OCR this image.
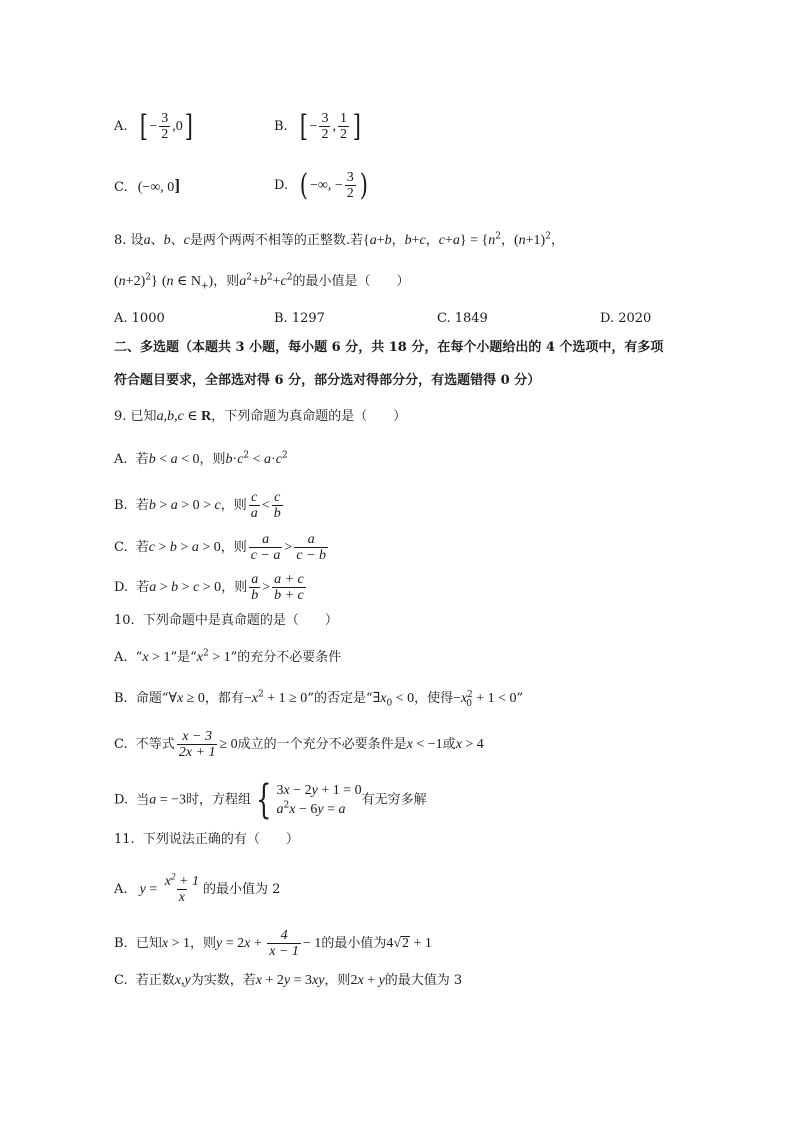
A. [ − $\frac{3}{2} ,0$]	B. [ − $\frac{3}{2}$ , $\frac{1}{2}$ ]
C. (−∞, 0]	D. ( −∞, − $\frac{3}{2}$ )
8. 设a、b、c是两个两两不相等的正整数.若{a+b，b+c，$c+a\} = \{n^2$，$(n+1)^2$，
$(n+2)^2$} (n ∈ $N_+$)，则$a^2+b^2+c^2$的最小值是（　　）
A. 1000	B. 1297	C. 1849	D. 2020
二、多选题（本题共 3 小题，每小题 6 分，共 18 分，在每个小题给出的 4 个选项中，有多项
符合题目要求，全部选对得 6 分，部分选对得部分分，有选题错得 0 分）
9. 已知a,b,c ∈ R，下列命题为真命题的是（　　）
A. 若b < a < 0，则$b\cdot c^2 < a\cdot c^2$
B. 若b > a > 0 > c，则 $\frac{c}{a} < \frac{c}{b}$
C. 若c > b > a > 0，则 $\frac{a}{c - a} > \frac{a}{c - b}$
D. 若a > b > c > 0，则 $\frac{a}{b} > \frac{a + c}{b + c}$
10. 下列命题中是真命题的是（　　）
A. “x > 1”是“$x^2 > 1$”的充分不必要条件
B. 命题“∀x ≥ 0，都有$-x^2 + 1 \ge 0$”的否定是“$\exists x_0 < 0$，使得$-x_0^2 + 1 < 0$”
C. 不等式 $\frac{x - 3}{2x + 1} \ge 0$成立的一个充分不必要条件是x < −1或x > 4
D. 当a = −3时，方程组 { 3x − 2y + 1 = 0
$a^2x - 6y = a$
有无穷多解
11. 下列说法正确的有（　　）
A. $y = \frac{x^2 + 1}{x}$ 的最小值为 2
B. 已知x > 1，则$y = 2x + \frac{4}{x - 1} - 1$的最小值为4√2 + 1
C. 若正数x,y为实数，若x + 2y = 3xy，则2x + y的最大值为 3
